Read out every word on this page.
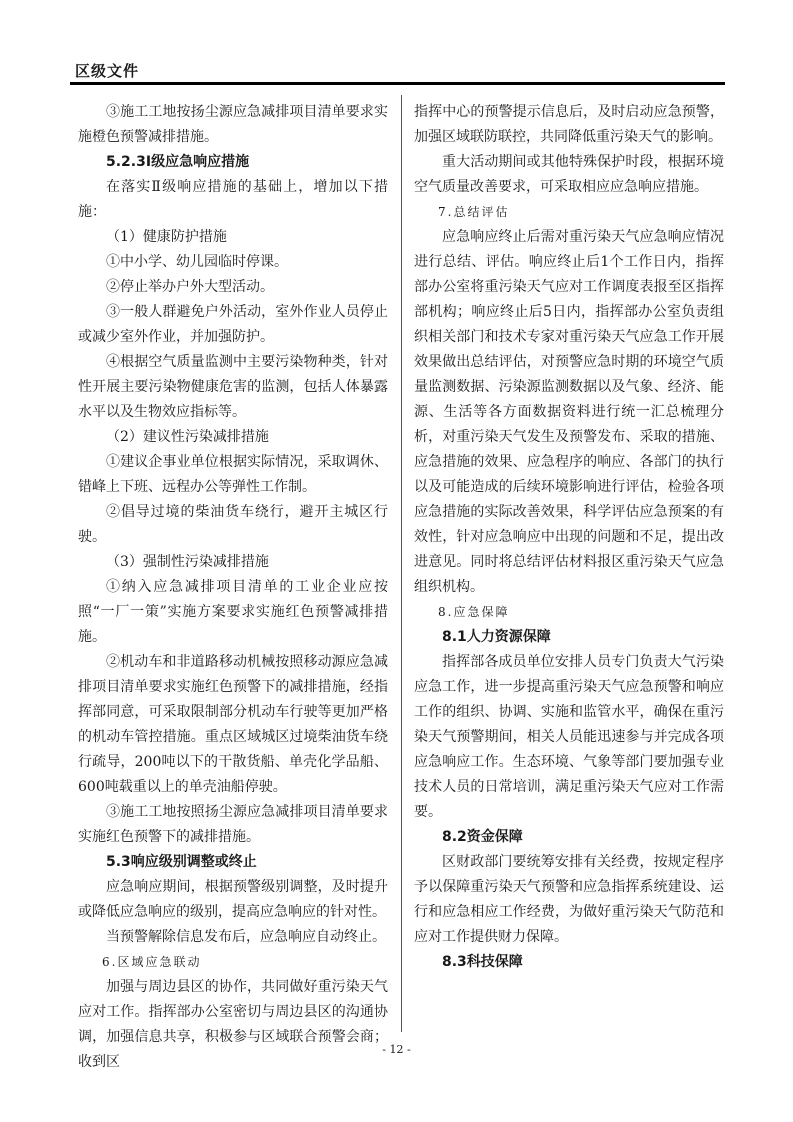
区级文件

③施工工地按扬尘源应急减排项目清单要求实施橙色预警减排措施。

5.2.3Ⅰ级应急响应措施

在落实Ⅱ级响应措施的基础上，增加以下措施：

（1）健康防护措施

①中小学、幼儿园临时停课。

②停止举办户外大型活动。

③一般人群避免户外活动，室外作业人员停止或减少室外作业，并加强防护。

④根据空气质量监测中主要污染物种类，针对性开展主要污染物健康危害的监测，包括人体暴露水平以及生物效应指标等。

（2）建议性污染减排措施

①建议企事业单位根据实际情况，采取调休、错峰上下班、远程办公等弹性工作制。

②倡导过境的柴油货车绕行，避开主城区行驶。

（3）强制性污染减排措施

①纳入应急减排项目清单的工业企业应按照“一厂一策”实施方案要求实施红色预警减排措施。

②机动车和非道路移动机械按照移动源应急减排项目清单要求实施红色预警下的减排措施，经指挥部同意，可采取限制部分机动车行驶等更加严格的机动车管控措施。重点区域城区过境柴油货车绕行疏导，200吨以下的干散货船、单壳化学品船、600吨载重以上的单壳油船停驶。

③施工工地按照扬尘源应急减排项目清单要求实施红色预警下的减排措施。

5.3响应级别调整或终止

应急响应期间，根据预警级别调整，及时提升或降低应急响应的级别，提高应急响应的针对性。

当预警解除信息发布后，应急响应自动终止。

6.区域应急联动

加强与周边县区的协作，共同做好重污染天气应对工作。指挥部办公室密切与周边县区的沟通协调，加强信息共享，积极参与区域联合预警会商；收到区

指挥中心的预警提示信息后，及时启动应急预警，加强区域联防联控，共同降低重污染天气的影响。

重大活动期间或其他特殊保护时段，根据环境空气质量改善要求，可采取相应应急响应措施。

7.总结评估

应急响应终止后需对重污染天气应急响应情况进行总结、评估。响应终止后1个工作日内，指挥部办公室将重污染天气应对工作调度表报至区指挥部机构；响应终止后5日内，指挥部办公室负责组织相关部门和技术专家对重污染天气应急工作开展效果做出总结评估，对预警应急时期的环境空气质量监测数据、污染源监测数据以及气象、经济、能源、生活等各方面数据资料进行统一汇总梳理分析，对重污染天气发生及预警发布、采取的措施、应急措施的效果、应急程序的响应、各部门的执行以及可能造成的后续环境影响进行评估，检验各项应急措施的实际改善效果，科学评估应急预案的有效性，针对应急响应中出现的问题和不足，提出改进意见。同时将总结评估材料报区重污染天气应急组织机构。

8.应急保障

8.1人力资源保障

指挥部各成员单位安排人员专门负责大气污染应急工作，进一步提高重污染天气应急预警和响应工作的组织、协调、实施和监管水平，确保在重污染天气预警期间，相关人员能迅速参与并完成各项应急响应工作。生态环境、气象等部门要加强专业技术人员的日常培训，满足重污染天气应对工作需要。

8.2资金保障

区财政部门要统筹安排有关经费，按规定程序予以保障重污染天气预警和应急指挥系统建设、运行和应急相应工作经费，为做好重污染天气防范和应对工作提供财力保障。

8.3科技保障

- 12 -
